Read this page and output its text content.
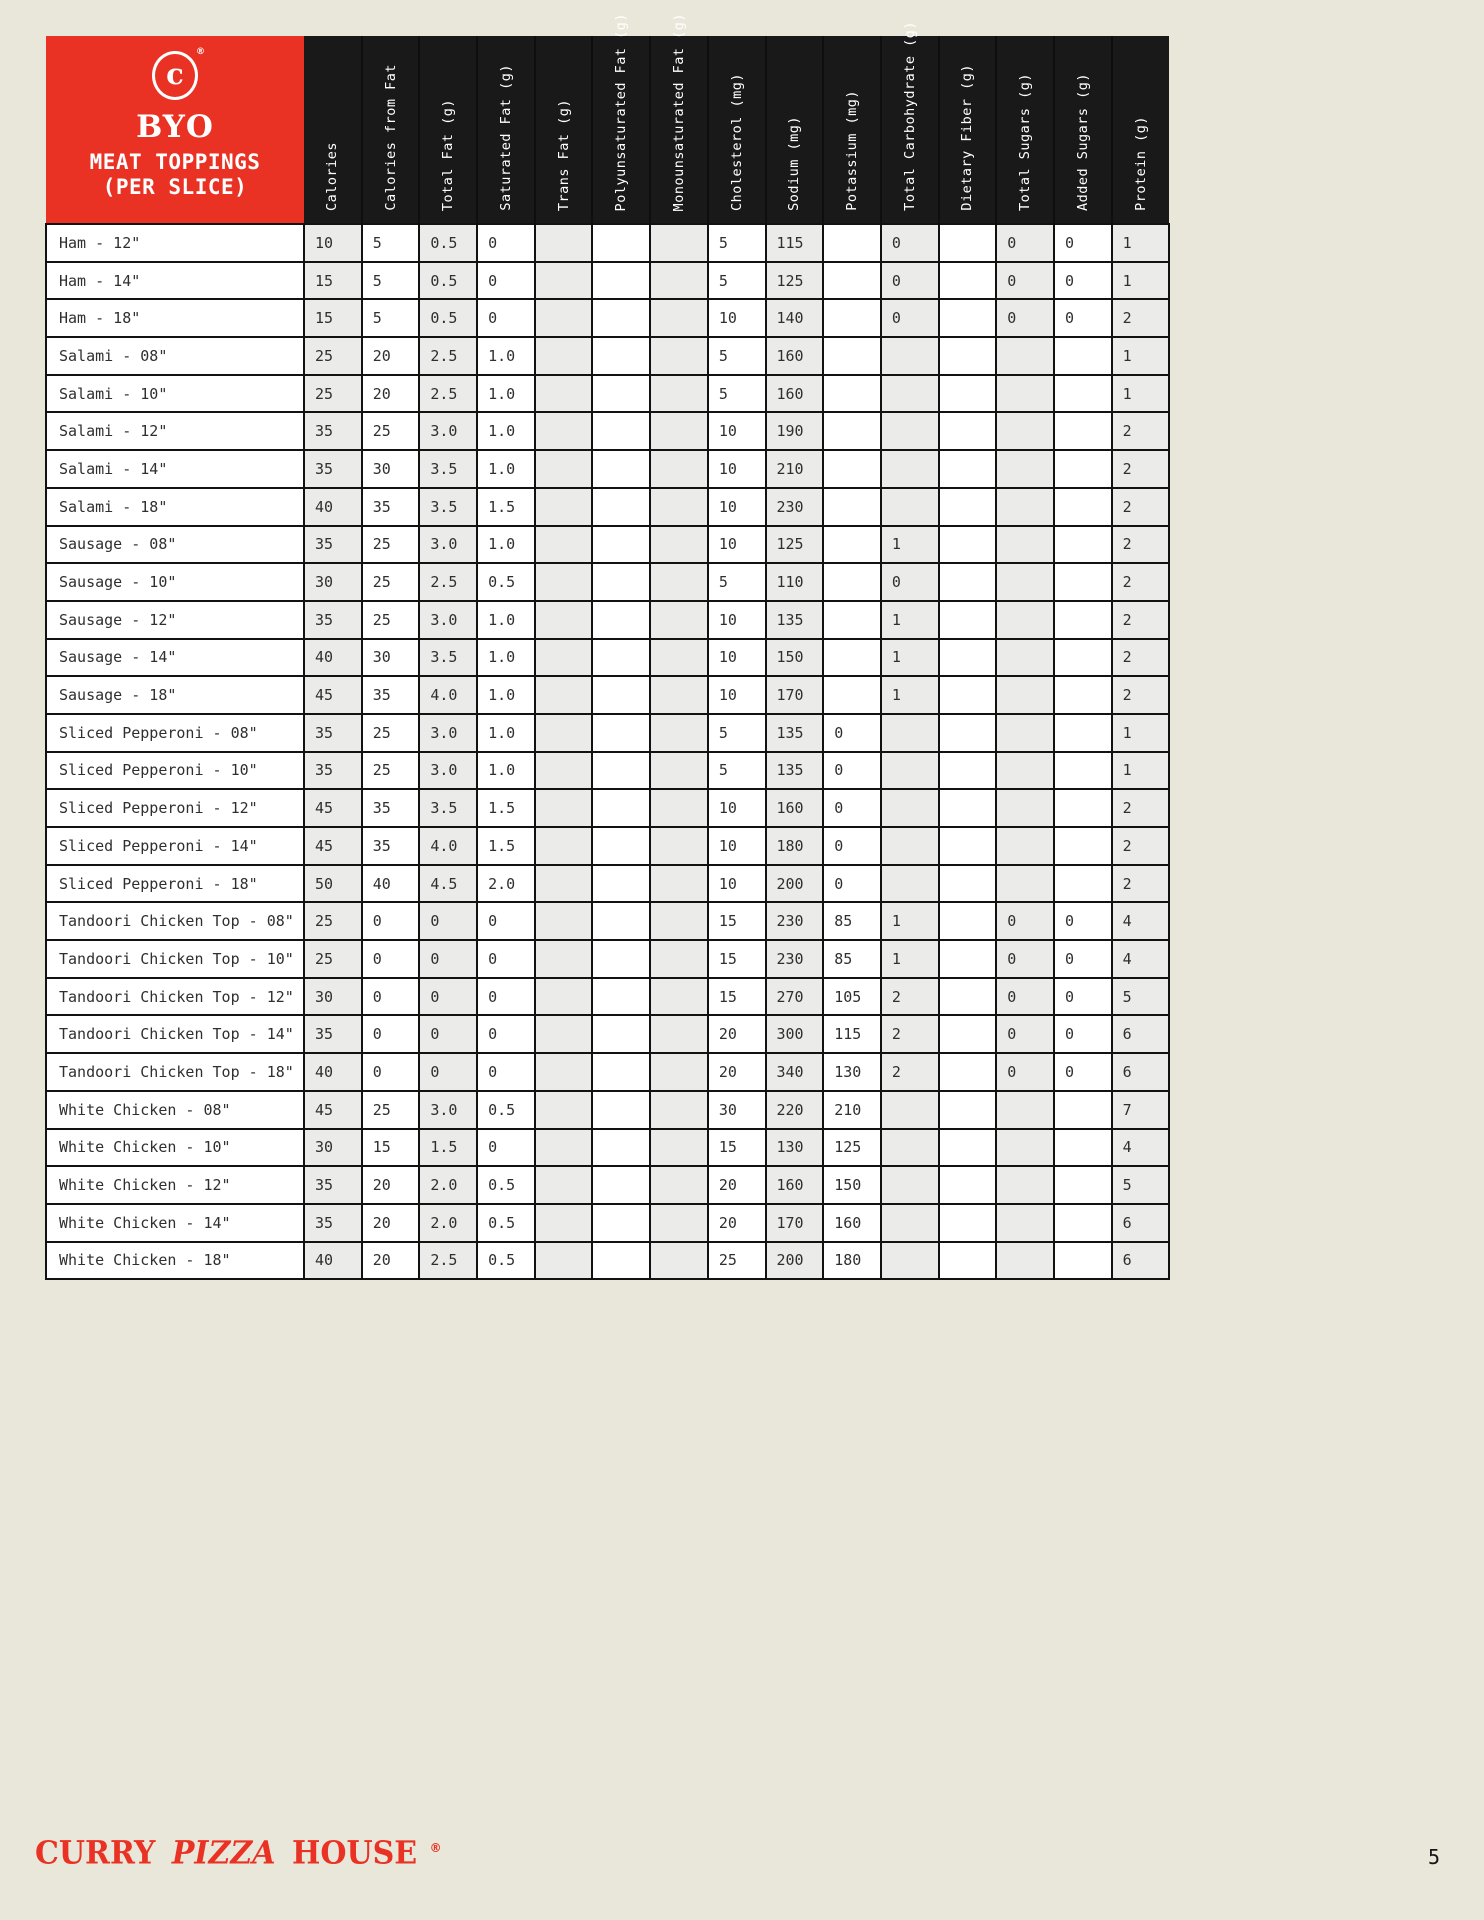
c
®
BYO
MEAT TOPPINGS
(PER SLICE)	Calories	Calories from Fat	Total Fat (g)	Saturated Fat (g)	Trans Fat (g)	Polyunsaturated Fat (g)	Monounsaturated Fat (g)	Cholesterol (mg)	Sodium (mg)	Potassium (mg)	Total Carbohydrate (g)	Dietary Fiber (g)	Total Sugars (g)	Added Sugars (g)	Protein (g)

Ham - 12"	10	5	0.5	0				5	115		0		0	0	1
Ham - 14"	15	5	0.5	0				5	125		0		0	0	1
Ham - 18"	15	5	0.5	0				10	140		0		0	0	2
Salami - 08"	25	20	2.5	1.0				5	160						1
Salami - 10"	25	20	2.5	1.0				5	160						1
Salami - 12"	35	25	3.0	1.0				10	190						2
Salami - 14"	35	30	3.5	1.0				10	210						2
Salami - 18"	40	35	3.5	1.5				10	230						2
Sausage - 08"	35	25	3.0	1.0				10	125		1				2
Sausage - 10"	30	25	2.5	0.5				5	110		0				2
Sausage - 12"	35	25	3.0	1.0				10	135		1				2
Sausage - 14"	40	30	3.5	1.0				10	150		1				2
Sausage - 18"	45	35	4.0	1.0				10	170		1				2
Sliced Pepperoni - 08"	35	25	3.0	1.0				5	135	0					1
Sliced Pepperoni - 10"	35	25	3.0	1.0				5	135	0					1
Sliced Pepperoni - 12"	45	35	3.5	1.5				10	160	0					2
Sliced Pepperoni - 14"	45	35	4.0	1.5				10	180	0					2
Sliced Pepperoni - 18"	50	40	4.5	2.0				10	200	0					2
Tandoori Chicken Top - 08"	25	0	0	0				15	230	85	1		0	0	4
Tandoori Chicken Top - 10"	25	0	0	0				15	230	85	1		0	0	4
Tandoori Chicken Top - 12"	30	0	0	0				15	270	105	2		0	0	5
Tandoori Chicken Top - 14"	35	0	0	0				20	300	115	2		0	0	6
Tandoori Chicken Top - 18"	40	0	0	0				20	340	130	2		0	0	6
White Chicken - 08"	45	25	3.0	0.5				30	220	210					7
White Chicken - 10"	30	15	1.5	0				15	130	125					4
White Chicken - 12"	35	20	2.0	0.5				20	160	150					5
White Chicken - 14"	35	20	2.0	0.5				20	170	160					6
White Chicken - 18"	40	20	2.5	0.5				25	200	180					6
CURRY PIZZA HOUSE ®	5
